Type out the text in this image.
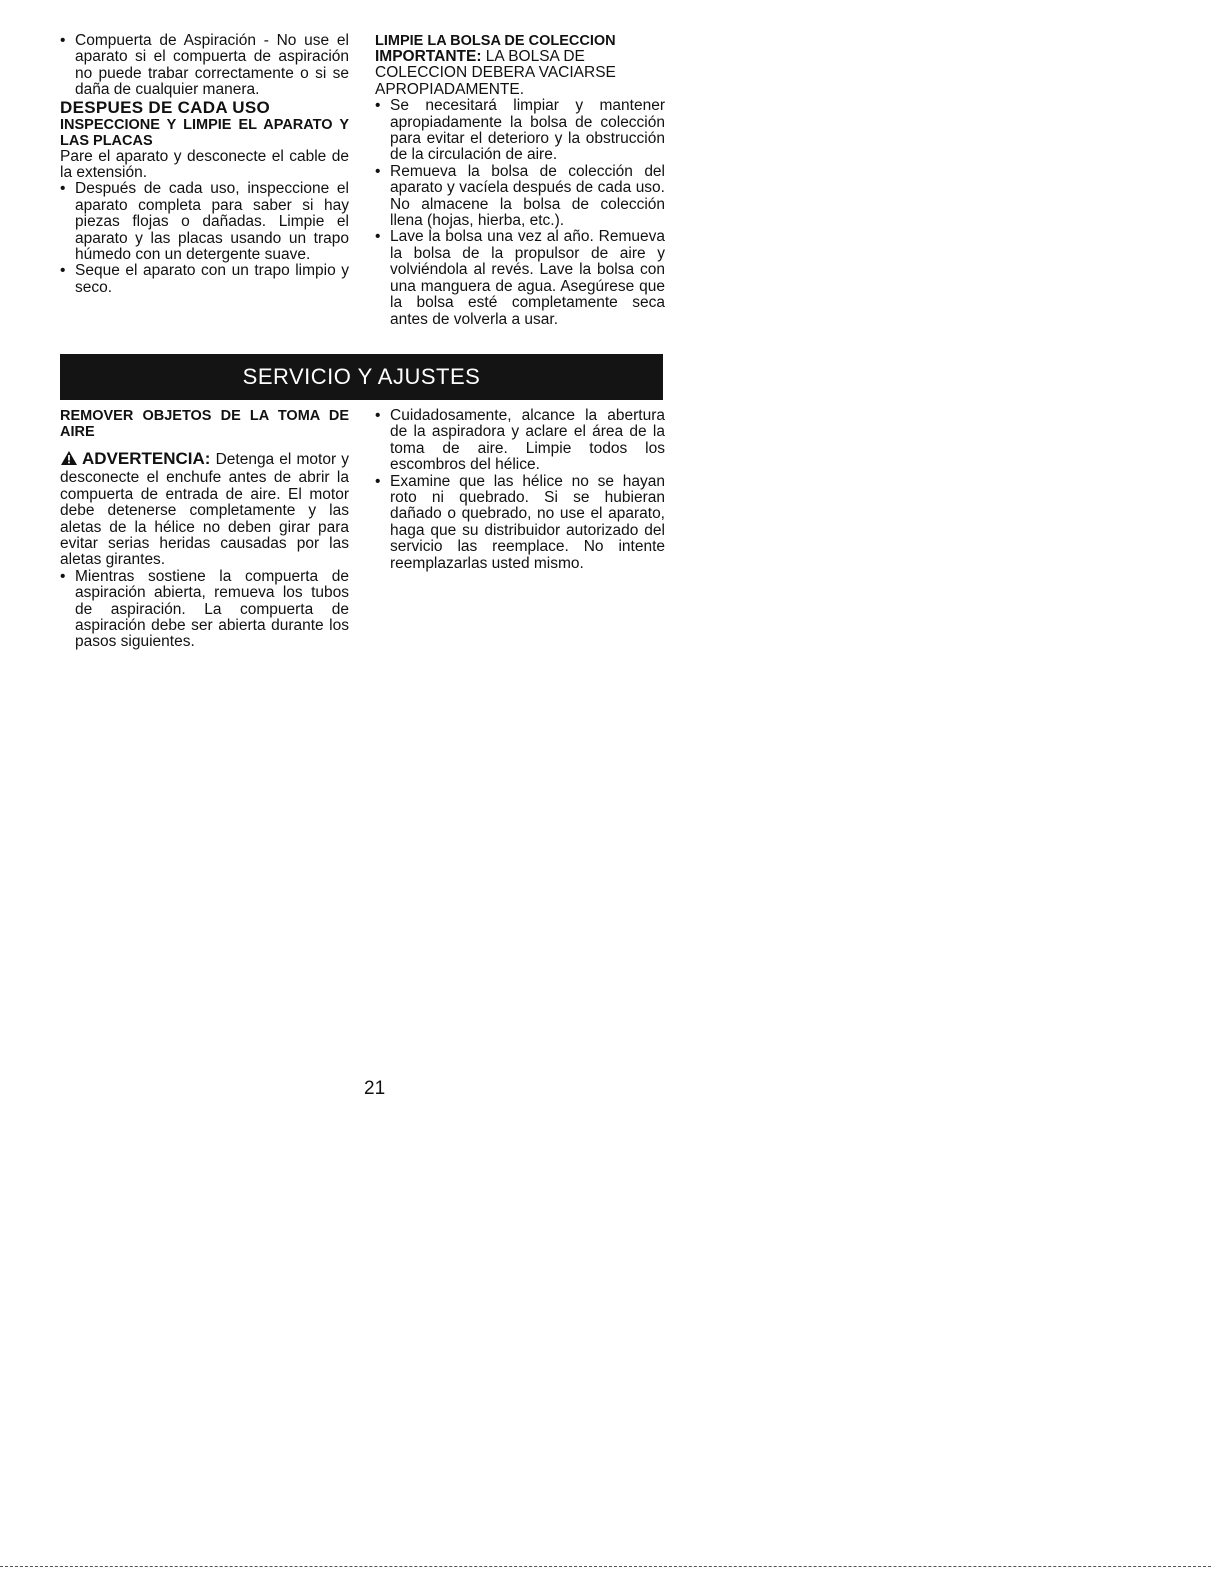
• Compuerta de Aspiración - No use el aparato si el compuerta de aspiración no puede trabar correctamente o si se daña de cualquier manera.

DESPUES DE CADA USO

INSPECCIONE Y LIMPIE EL APARATO Y LAS PLACAS

Pare el aparato y desconecte el cable de la extensión.

• Después de cada uso, inspeccione el aparato completa para saber si hay piezas flojas o dañadas. Limpie el aparato y las placas usando un trapo húmedo con un detergente suave.

• Seque el aparato con un trapo limpio y seco.

LIMPIE LA BOLSA DE COLECCION

IMPORTANTE: LA BOLSA DE COLECCION DEBERA VACIARSE APROPIADAMENTE.

• Se necesitará limpiar y mantener apropiadamente la bolsa de colección para evitar el deterioro y la obstrucción de la circulación de aire.

• Remueva la bolsa de colección del aparato y vacíela después de cada uso. No almacene la bolsa de colección llena (hojas, hierba, etc.).

• Lave la bolsa una vez al año. Remueva la bolsa de la propulsor de aire y volviéndola al revés. Lave la bolsa con una manguera de agua. Asegúrese que la bolsa esté completamente seca antes de volverla a usar.

SERVICIO Y AJUSTES

REMOVER OBJETOS DE LA TOMA DE AIRE

ADVERTENCIA: Detenga el motor y desconecte el enchufe antes de abrir la compuerta de entrada de aire. El motor debe detenerse completamente y las aletas de la hélice no deben girar para evitar serias heridas causadas por las aletas girantes.

• Mientras sostiene la compuerta de aspiración abierta, remueva los tubos de aspiración. La compuerta de aspiración debe ser abierta durante los pasos siguientes.

• Cuidadosamente, alcance la abertura de la aspiradora y aclare el área de la toma de aire. Limpie todos los escombros del hélice.

• Examine que las hélice no se hayan roto ni quebrado. Si se hubieran dañado o quebrado, no use el aparato, haga que su distribuidor autorizado del servicio las reemplace. No intente reemplazarlas usted mismo.

21
